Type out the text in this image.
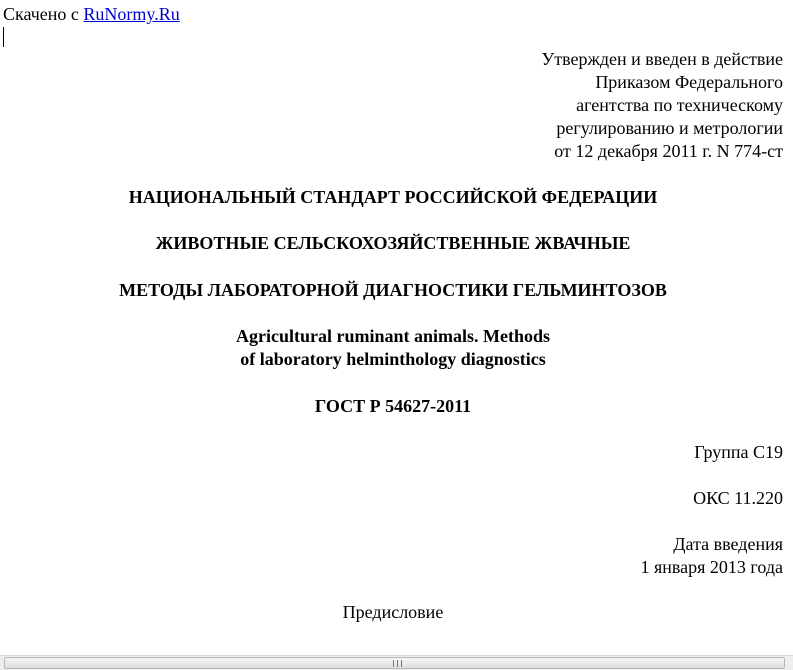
Скачено с RuNormy.Ru
Утвержден и введен в действие
Приказом Федерального
агентства по техническому
регулированию и метрологии
от 12 декабря 2011 г. N 774-ст
НАЦИОНАЛЬНЫЙ СТАНДАРТ РОССИЙСКОЙ ФЕДЕРАЦИИ
ЖИВОТНЫЕ СЕЛЬСКОХОЗЯЙСТВЕННЫЕ ЖВАЧНЫЕ
МЕТОДЫ ЛАБОРАТОРНОЙ ДИАГНОСТИКИ ГЕЛЬМИНТОЗОВ
Agricultural ruminant animals. Methods
of laboratory helminthology diagnostics
ГОСТ Р 54627-2011
Группа С19
ОКС 11.220
Дата введения
1 января 2013 года
Предисловие
